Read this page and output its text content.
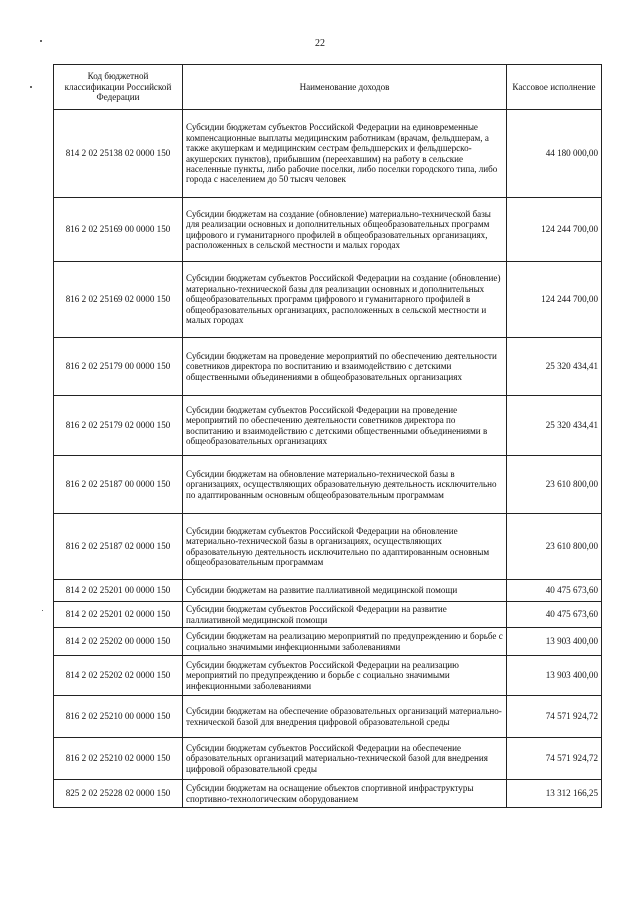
22
Код бюджетной классификации Российской Федерации	Наименование доходов	Кассовое исполнение
814 2 02 25138 02 0000 150	Субсидии бюджетам субъектов Российской Федерации на единовременные компенсационные выплаты медицинским работникам (врачам, фельдшерам, а также акушеркам и медицинским сестрам фельдшерских и фельдшерско-акушерских пунктов), прибывшим (переехавшим) на работу в сельские населенные пункты, либо рабочие поселки, либо поселки городского типа, либо города с населением до 50 тысяч человек	44 180 000,00
816 2 02 25169 00 0000 150	Субсидии бюджетам на создание (обновление) материально-технической базы для реализации основных и дополнительных общеобразовательных программ цифрового и гуманитарного профилей в общеобразовательных организациях, расположенных в сельской местности и малых городах	124 244 700,00
816 2 02 25169 02 0000 150	Субсидии бюджетам субъектов Российской Федерации на создание (обновление) материально-технической базы для реализации основных и дополнительных общеобразовательных программ цифрового и гуманитарного профилей в общеобразовательных организациях, расположенных в сельской местности и малых городах	124 244 700,00
816 2 02 25179 00 0000 150	Субсидии бюджетам на проведение мероприятий по обеспечению деятельности советников директора по воспитанию и взаимодействию с детскими общественными объединениями в общеобразовательных организациях	25 320 434,41
816 2 02 25179 02 0000 150	Субсидии бюджетам субъектов Российской Федерации на проведение мероприятий по обеспечению деятельности советников директора по воспитанию и взаимодействию с детскими общественными объединениями в общеобразовательных организациях	25 320 434,41
816 2 02 25187 00 0000 150	Субсидии бюджетам на обновление материально-технической базы в организациях, осуществляющих образовательную деятельность исключительно по адаптированным основным общеобразовательным программам	23 610 800,00
816 2 02 25187 02 0000 150	Субсидии бюджетам субъектов Российской Федерации на обновление материально-технической базы в организациях, осуществляющих образовательную деятельность исключительно по адаптированным основным общеобразовательным программам	23 610 800,00
814 2 02 25201 00 0000 150	Субсидии бюджетам на развитие паллиативной медицинской помощи	40 475 673,60
814 2 02 25201 02 0000 150	Субсидии бюджетам субъектов Российской Федерации на развитие паллиативной медицинской помощи	40 475 673,60
814 2 02 25202 00 0000 150	Субсидии бюджетам на реализацию мероприятий по предупреждению и борьбе с социально значимыми инфекционными заболеваниями	13 903 400,00
814 2 02 25202 02 0000 150	Субсидии бюджетам субъектов Российской Федерации на реализацию мероприятий по предупреждению и борьбе с социально значимыми инфекционными заболеваниями	13 903 400,00
816 2 02 25210 00 0000 150	Субсидии бюджетам на обеспечение образовательных организаций материально-технической базой для внедрения цифровой образовательной среды	74 571 924,72
816 2 02 25210 02 0000 150	Субсидии бюджетам субъектов Российской Федерации на обеспечение образовательных организаций материально-технической базой для внедрения цифровой образовательной среды	74 571 924,72
825 2 02 25228 02 0000 150	Субсидии бюджетам на оснащение объектов спортивной инфраструктуры спортивно-технологическим оборудованием	13 312 166,25
